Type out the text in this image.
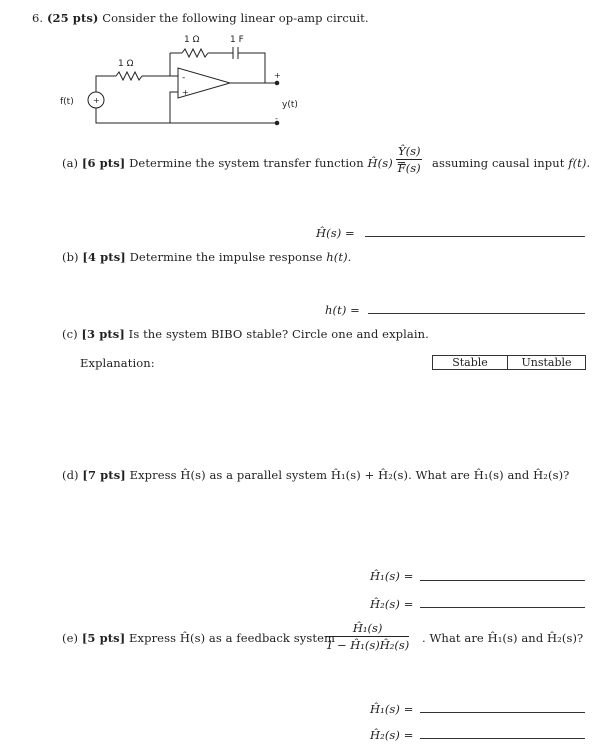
6. (25 pts) Consider the following linear op-amp circuit.
1 Ω	1 F
1 Ω
f(t) +
-
+
+
-
y(t)
(a) [6 pts] Determine the system transfer function Ĥ(s) =
$\frac{Ŷ(s)}{F̂(s)}$ assuming causal input f(t).
Ĥ(s) =
(b) [4 pts] Determine the impulse response h(t).
h(t) =
(c) [3 pts] Is the system BIBO stable? Circle one and explain.
Explanation:	Stable	Unstable
(d) [7 pts] Express Ĥ(s) as a parallel system Ĥ₁(s) + Ĥ₂(s). What are Ĥ₁(s) and Ĥ₂(s)?
Ĥ₁(s) =
Ĥ₂(s) =
(e) [5 pts] Express Ĥ(s) as a feedback system
$\frac{\text{Ĥ₁(s)}}{\text{1 − Ĥ₁(s)Ĥ₂(s)}}$ . What are Ĥ₁(s) and Ĥ₂(s)?
Ĥ₁(s) =
Ĥ₂(s) =
